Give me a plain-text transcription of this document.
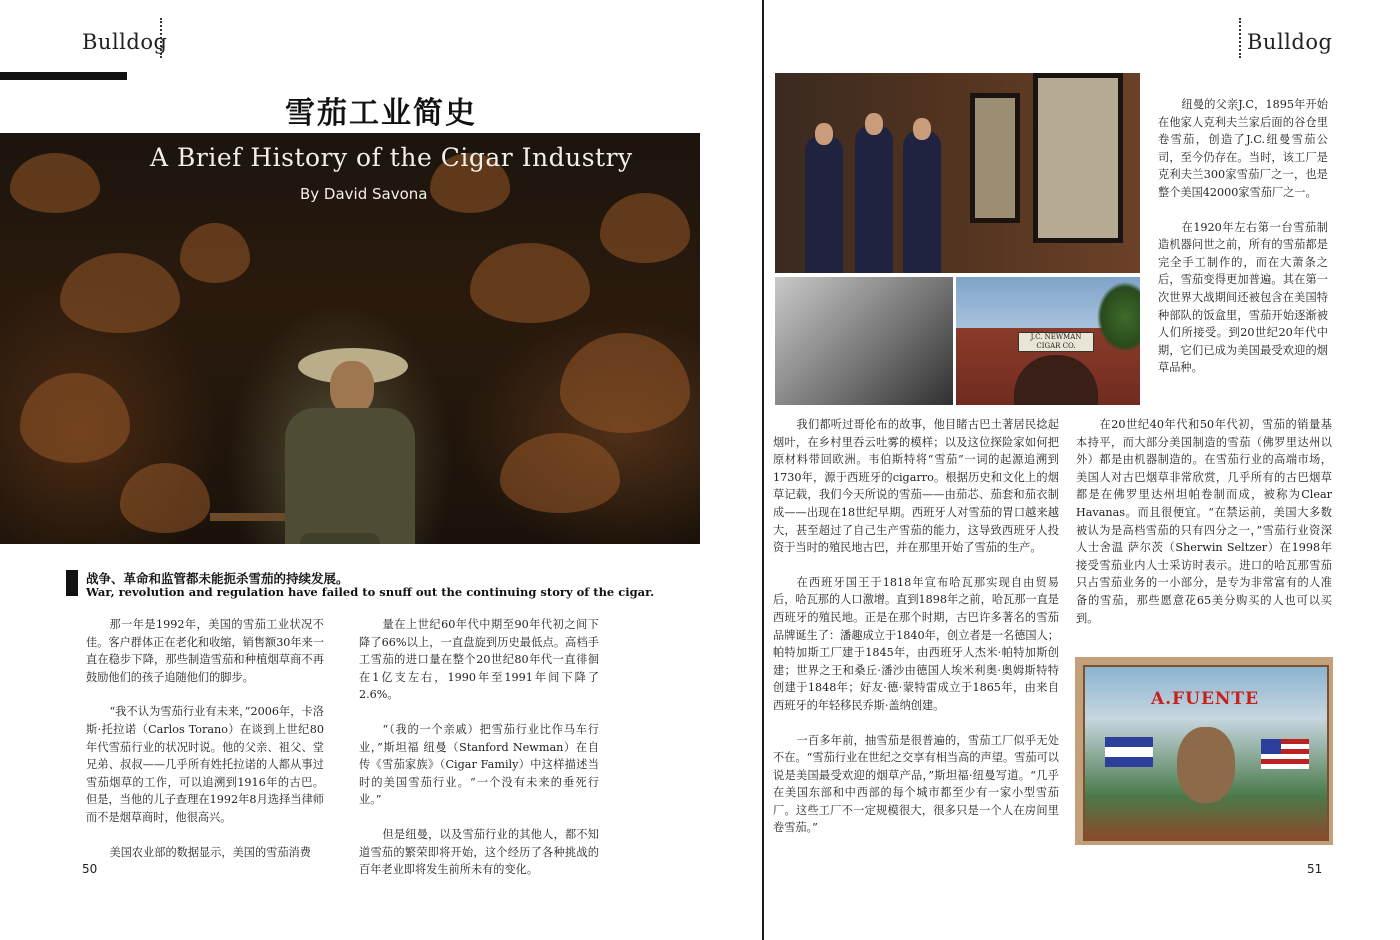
Bulldog
雪茄工业简史
A Brief History of the Cigar Industry
By David Savona
战争、革命和监管都未能扼杀雪茄的持续发展。
War, revolution and regulation have failed to snuff out the continuing story of the cigar.

那一年是1992年，美国的雪茄工业状况不佳。客户群体正在老化和收缩，销售额30年来一直在稳步下降，那些制造雪茄和种植烟草商不再鼓励他们的孩子追随他们的脚步。

“我不认为雪茄行业有未来，”2006年，卡洛斯·托拉诺（Carlos Torano）在谈到上世纪80年代雪茄行业的状况时说。他的父亲、祖父、堂兄弟、叔叔——几乎所有姓托拉诺的人都从事过雪茄烟草的工作，可以追溯到1916年的古巴。但是，当他的儿子查理在1992年8月选择当律师而不是烟草商时，他很高兴。

美国农业部的数据显示，美国的雪茄消费

量在上世纪60年代中期至90年代初之间下降了66%以上，一直盘旋到历史最低点。高档手工雪茄的进口量在整个20世纪80年代一直徘徊在1亿支左右，1990年至1991年间下降了2.6%。

“（我的一个亲戚）把雪茄行业比作马车行业，”斯坦福 纽曼（Stanford Newman）在自传《雪茄家族》（Cigar Family）中这样描述当时的美国雪茄行业。“一个没有未来的垂死行业。”

但是纽曼，以及雪茄行业的其他人，都不知道雪茄的繁荣即将开始，这个经历了各种挑战的百年老业即将发生前所未有的变化。

50
Bulldog
J.C. NEWMAN CIGAR CO.

纽曼的父亲J.C，1895年开始在他家人克利夫兰家后面的谷仓里卷雪茄，创造了J.C.纽曼雪茄公司，至今仍存在。当时，该工厂是克利夫兰300家雪茄厂之一，也是整个美国42000家雪茄厂之一。

在1920年左右第一台雪茄制造机器问世之前，所有的雪茄都是完全手工制作的，而在大萧条之后，雪茄变得更加普遍。其在第一次世界大战期间还被包含在美国特种部队的饭盒里，雪茄开始逐渐被人们所接受。到20世纪20年代中期，它们已成为美国最受欢迎的烟草品种。

我们都听过哥伦布的故事，他目睹古巴土著居民捻起烟叶，在乡村里吞云吐雾的模样；以及这位探险家如何把原材料带回欧洲。韦伯斯特将“雪茄”一词的起源追溯到1730年，源于西班牙的cigarro。根据历史和文化上的烟草记载，我们今天所说的雪茄——由茄芯、茄套和茄衣制成——出现在18世纪早期。西班牙人对雪茄的胃口越来越大，甚至超过了自己生产雪茄的能力，这导致西班牙人投资于当时的殖民地古巴，并在那里开始了雪茄的生产。

在西班牙国王于1818年宣布哈瓦那实现自由贸易后，哈瓦那的人口激增。直到1898年之前，哈瓦那一直是西班牙的殖民地。正是在那个时期，古巴许多著名的雪茄品牌诞生了：潘趣成立于1840年，创立者是一名德国人；帕特加斯工厂建于1845年，由西班牙人杰米·帕特加斯创建；世界之王和桑丘·潘沙由德国人埃米利奥·奥姆斯特特创建于1848年；好友·德·蒙特雷成立于1865年，由来自西班牙的年轻移民乔斯·盖纳创建。

一百多年前，抽雪茄是很普遍的，雪茄工厂似乎无处不在。“雪茄行业在世纪之交享有相当高的声望。雪茄可以说是美国最受欢迎的烟草产品，”斯坦福·纽曼写道。“几乎在美国东部和中西部的每个城市都至少有一家小型雪茄厂。这些工厂不一定规模很大，很多只是一个人在房间里卷雪茄。”

在20世纪40年代和50年代初，雪茄的销量基本持平，而大部分美国制造的雪茄（佛罗里达州以外）都是由机器制造的。在雪茄行业的高端市场，美国人对古巴烟草非常欣赏，几乎所有的古巴烟草都是在佛罗里达州坦帕卷制而成，被称为Clear Havanas。而且很便宜。“在禁运前，美国大多数被认为是高档雪茄的只有四分之一，”雪茄行业资深人士舍温 萨尔茨（Sherwin Seltzer）在1998年接受雪茄业内人士采访时表示。进口的哈瓦那雪茄只占雪茄业务的一小部分，是专为非常富有的人准备的雪茄，那些愿意花65美分购买的人也可以买到。

A.FUENTE
51
